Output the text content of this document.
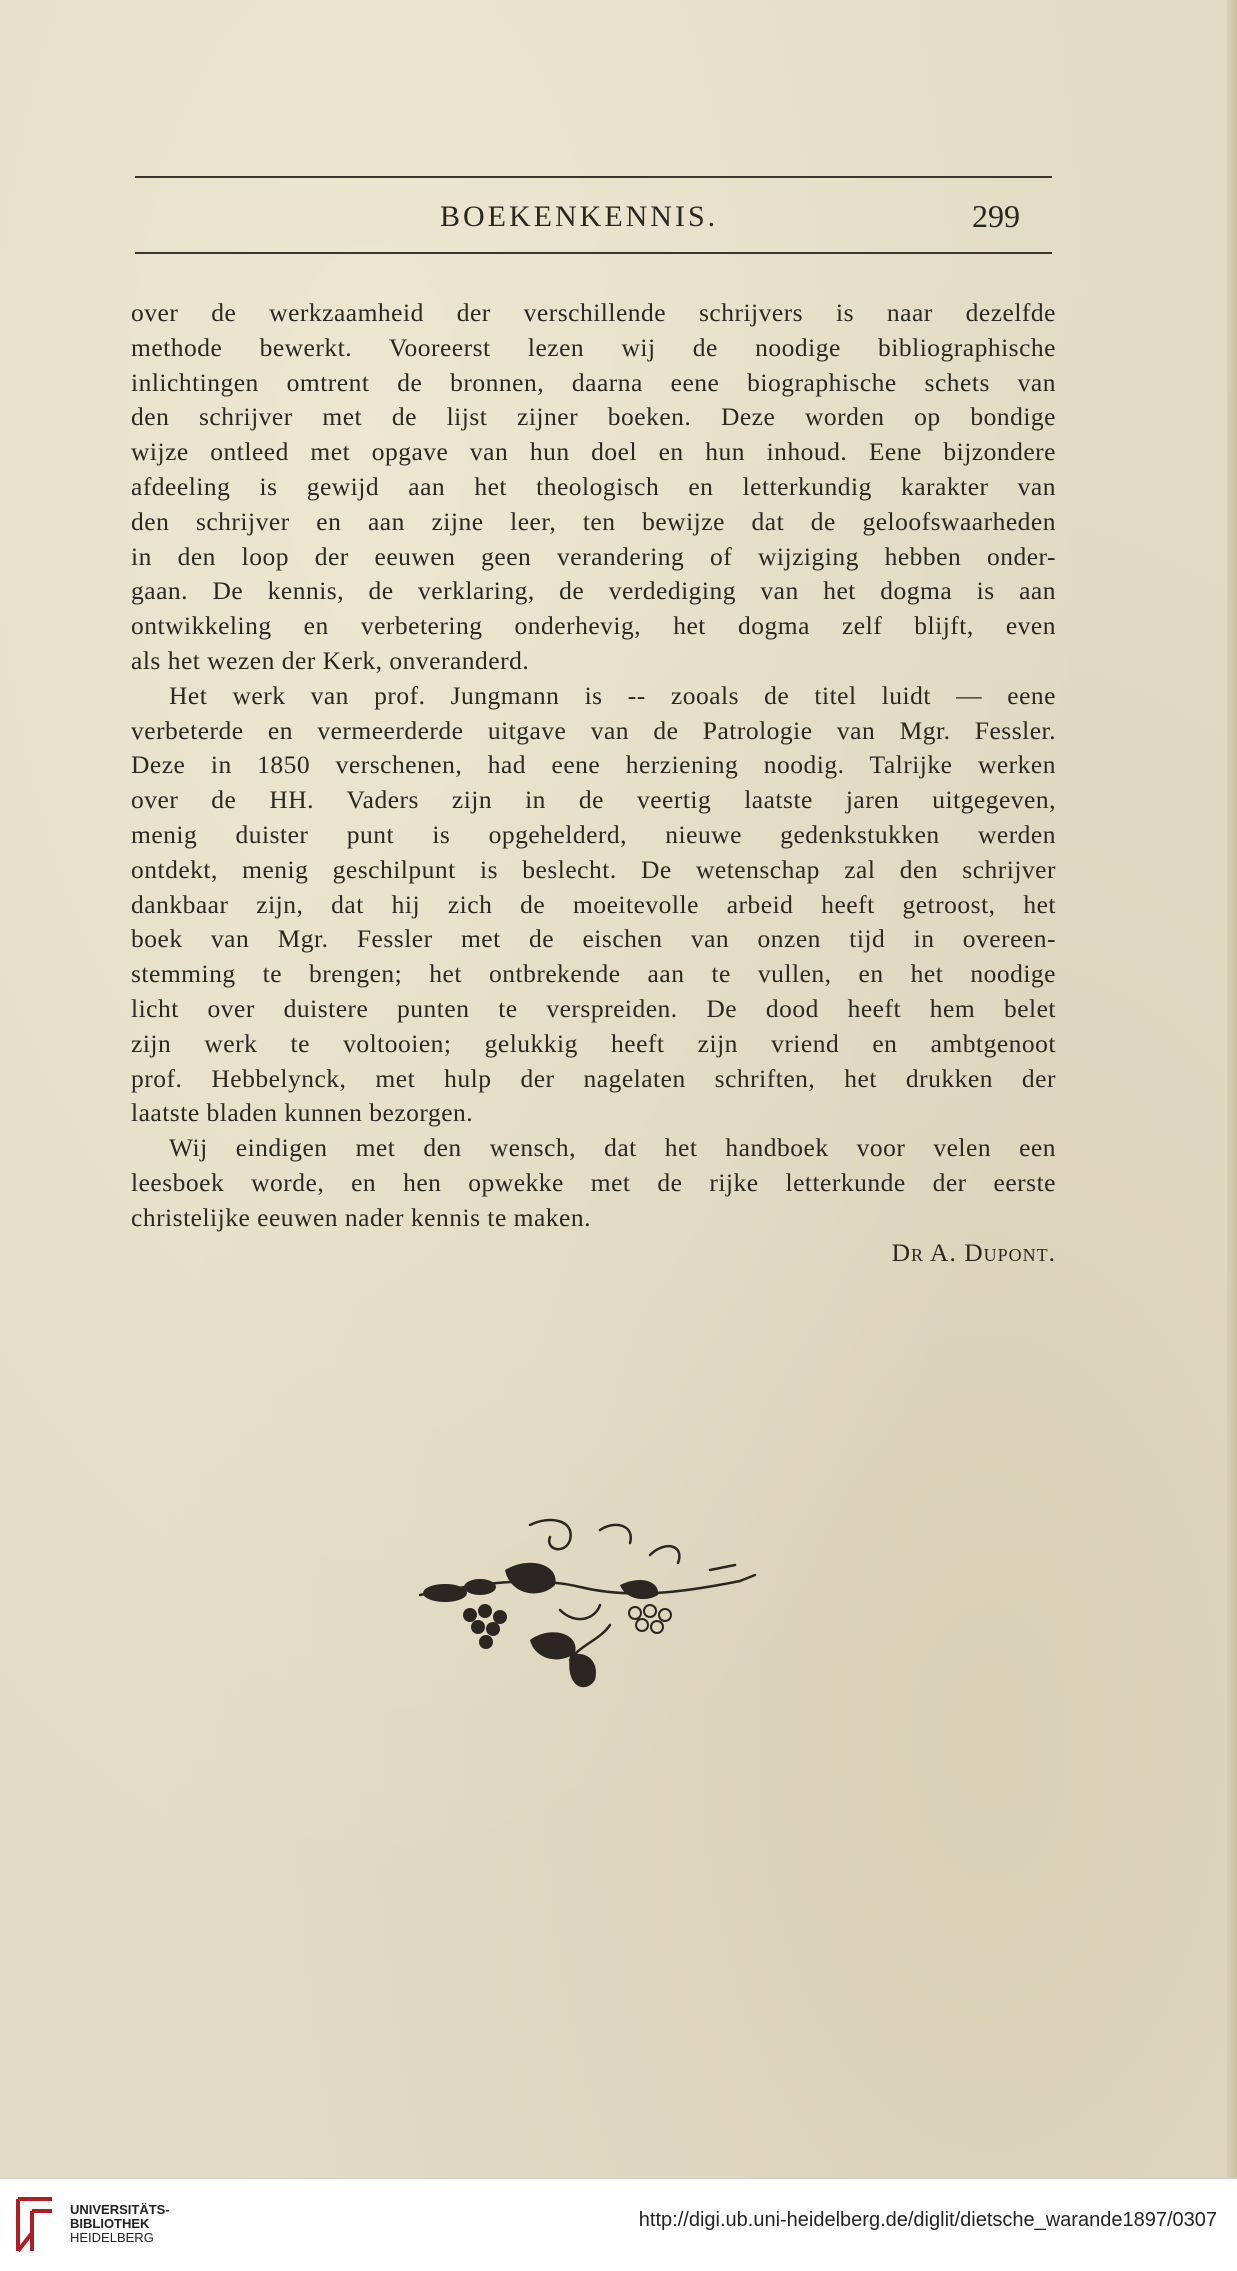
BOEKENKENNIS.	299
over de werkzaamheid der verschillende schrijvers is naar dezelfde
methode bewerkt. Vooreerst lezen wij de noodige bibliographische
inlichtingen omtrent de bronnen, daarna eene biographische schets van
den schrijver met de lijst zijner boeken. Deze worden op bondige
wijze ontleed met opgave van hun doel en hun inhoud. Eene bijzondere
afdeeling is gewijd aan het theologisch en letterkundig karakter van
den schrijver en aan zijne leer, ten bewijze dat de geloofswaarheden
in den loop der eeuwen geen verandering of wijziging hebben onder-
gaan. De kennis, de verklaring, de verdediging van het dogma is aan
ontwikkeling en verbetering onderhevig, het dogma zelf blijft, even
als het wezen der Kerk, onveranderd.
Het werk van prof. Jungmann is -- zooals de titel luidt — eene
verbeterde en vermeerderde uitgave van de Patrologie van Mgr. Fessler.
Deze in 1850 verschenen, had eene herziening noodig. Talrijke werken
over de HH. Vaders zijn in de veertig laatste jaren uitgegeven,
menig duister punt is opgehelderd, nieuwe gedenkstukken werden
ontdekt, menig geschilpunt is beslecht. De wetenschap zal den schrijver
dankbaar zijn, dat hij zich de moeitevolle arbeid heeft getroost, het
boek van Mgr. Fessler met de eischen van onzen tijd in overeen-
stemming te brengen; het ontbrekende aan te vullen, en het noodige
licht over duistere punten te verspreiden. De dood heeft hem belet
zijn werk te voltooien; gelukkig heeft zijn vriend en ambtgenoot
prof. Hebbelynck, met hulp der nagelaten schriften, het drukken der
laatste bladen kunnen bezorgen.
Wij eindigen met den wensch, dat het handboek voor velen een
leesboek worde, en hen opwekke met de rijke letterkunde der eerste
christelijke eeuwen nader kennis te maken.
Dr A. Dupont.
UNIVERSITÄTS-
BIBLIOTHEK
HEIDELBERG
http://digi.ub.uni-heidelberg.de/diglit/dietsche_warande1897/0307
